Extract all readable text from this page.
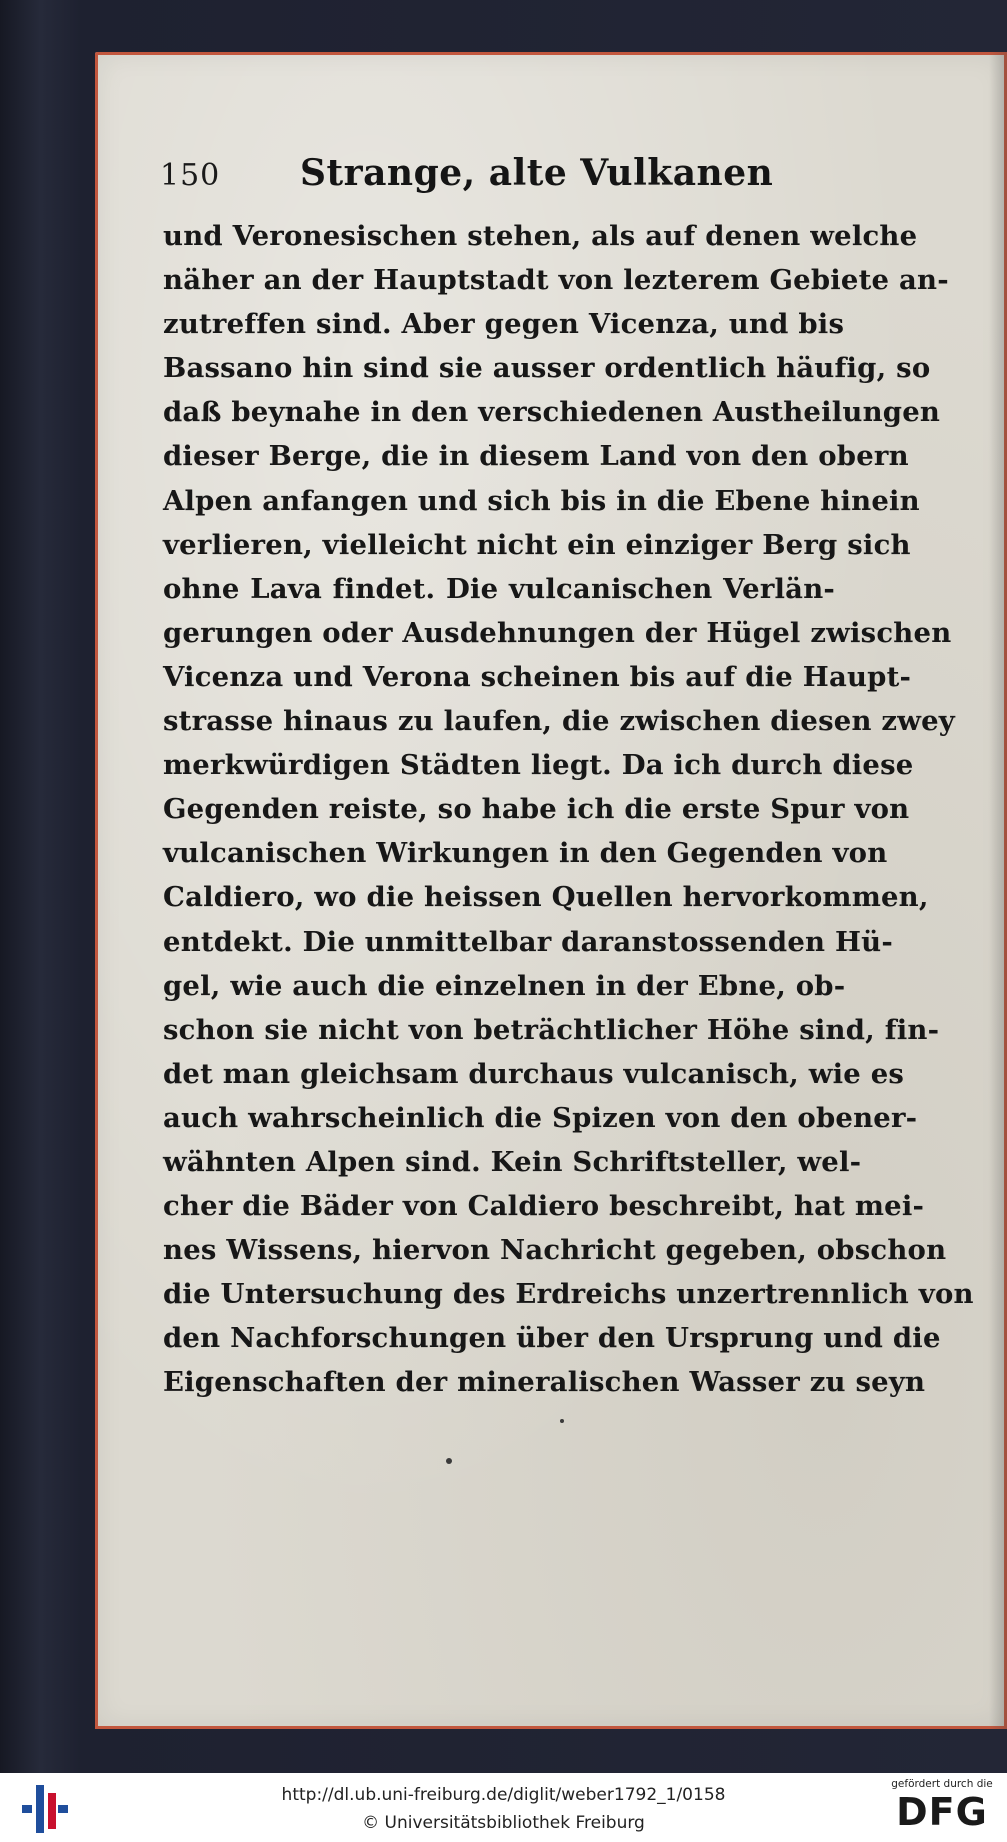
150 Strange, alte Vulkanen
und Veronesischen stehen, als auf denen welche
näher an der Hauptstadt von lezterem Gebiete an-
zutreffen sind. Aber gegen Vicenza, und bis
Bassano hin sind sie ausser ordentlich häufig, so
daß beynahe in den verschiedenen Austheilungen
dieser Berge, die in diesem Land von den obern
Alpen anfangen und sich bis in die Ebene hinein
verlieren, vielleicht nicht ein einziger Berg sich
ohne Lava findet. Die vulcanischen Verlän-
gerungen oder Ausdehnungen der Hügel zwischen
Vicenza und Verona scheinen bis auf die Haupt-
strasse hinaus zu laufen, die zwischen diesen zwey
merkwürdigen Städten liegt. Da ich durch diese
Gegenden reiste, so habe ich die erste Spur von
vulcanischen Wirkungen in den Gegenden von
Caldiero, wo die heissen Quellen hervorkommen,
entdekt. Die unmittelbar daranstossenden Hü-
gel, wie auch die einzelnen in der Ebne, ob-
schon sie nicht von beträchtlicher Höhe sind, fin-
det man gleichsam durchaus vulcanisch, wie es
auch wahrscheinlich die Spizen von den obener-
wähnten Alpen sind. Kein Schriftsteller, wel-
cher die Bäder von Caldiero beschreibt, hat mei-
nes Wissens, hiervon Nachricht gegeben, obschon
die Untersuchung des Erdreichs unzertrennlich von
den Nachforschungen über den Ursprung und die
Eigenschaften der mineralischen Wasser zu seyn
http://dl.ub.uni-freiburg.de/diglit/weber1792_1/0158
© Universitätsbibliothek Freiburg
gefördert durch die
DFG
